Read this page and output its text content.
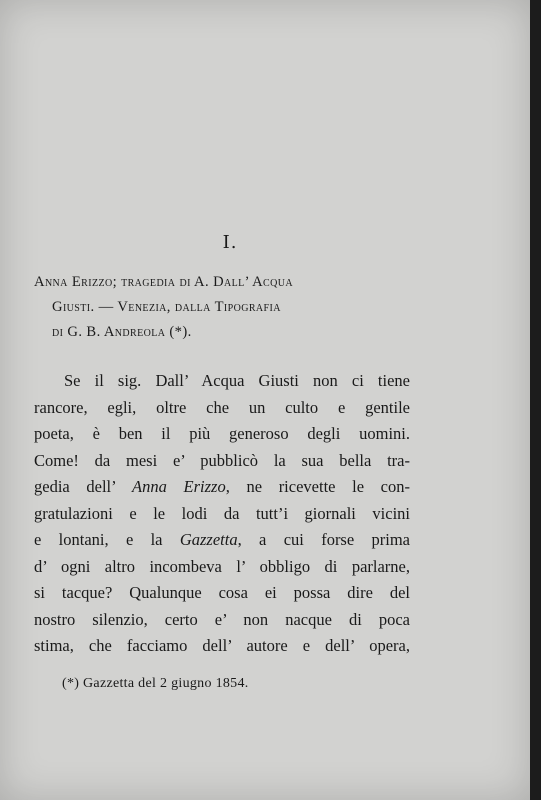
I.
Anna Erizzo; tragedia di A. Dall’ Acqua
Giusti. — Venezia, dalla Tipografia
di G. B. Andreola (*).
Se il sig. Dall’ Acqua Giusti non ci tiene
rancore, egli, oltre che un culto e gentile
poeta, è ben il più generoso degli uomini.
Come! da mesi e’ pubblicò la sua bella tra-
gedia dell’ Anna Erizzo, ne ricevette le con-
gratulazioni e le lodi da tutt’i giornali vicini
e lontani, e la Gazzetta, a cui forse prima
d’ ogni altro incombeva l’ obbligo di parlarne,
si tacque? Qualunque cosa ei possa dire del
nostro silenzio, certo e’ non nacque di poca
stima, che facciamo dell’ autore e dell’ opera,
(*) Gazzetta del 2 giugno 1854.
